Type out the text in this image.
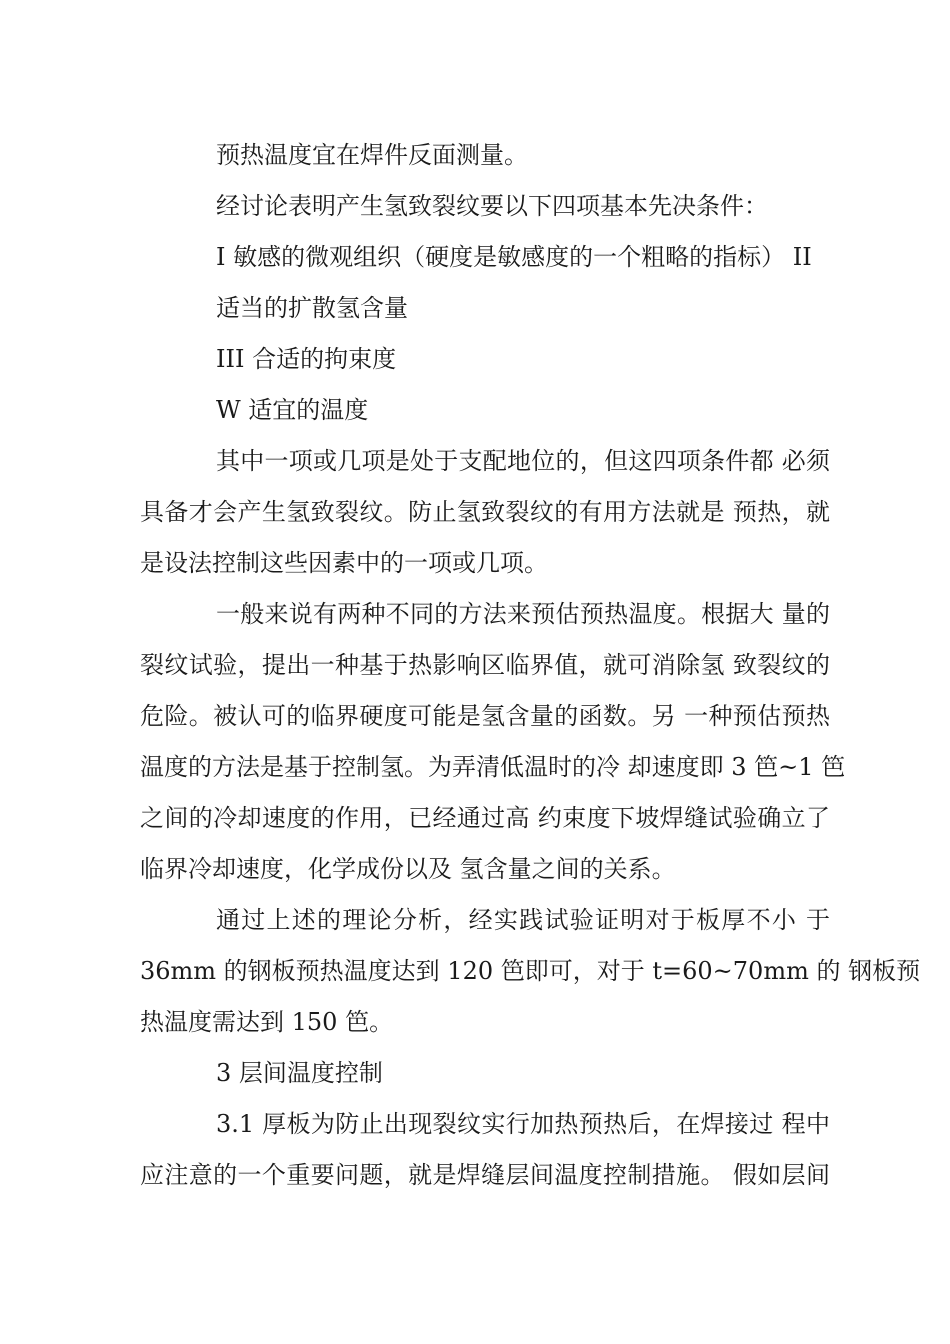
预热温度宜在焊件反面测量。
经讨论表明产生氢致裂纹要以下四项基本先决条件：
I 敏感的微观组织（硬度是敏感度的一个粗略的指标） II
适当的扩散氢含量
III 合适的拘束度
W 适宜的温度
其中一项或几项是处于支配地位的，但这四项条件都 必须
具备才会产生氢致裂纹。防止氢致裂纹的有用方法就是 预热，就
是设法控制这些因素中的一项或几项。
一般来说有两种不同的方法来预估预热温度。根据大 量的
裂纹试验，提出一种基于热影响区临界值，就可消除氢 致裂纹的
危险。被认可的临界硬度可能是氢含量的函数。另 一种预估预热
温度的方法是基于控制氢。为弄清低温时的冷 却速度即 3 笆~1 笆
之间的冷却速度的作用，已经通过高 约束度下坡焊缝试验确立了
临界冷却速度，化学成份以及 氢含量之间的关系。
通过上述的理论分析，经实践试验证明对于板厚不小 于
36mm 的钢板预热温度达到 120 笆即可，对于 t=60~70mm 的 钢板预
热温度需达到 150 笆。
3 层间温度控制
3.1 厚板为防止出现裂纹实行加热预热后，在焊接过 程中
应注意的一个重要问题，就是焊缝层间温度控制措施。 假如层间
